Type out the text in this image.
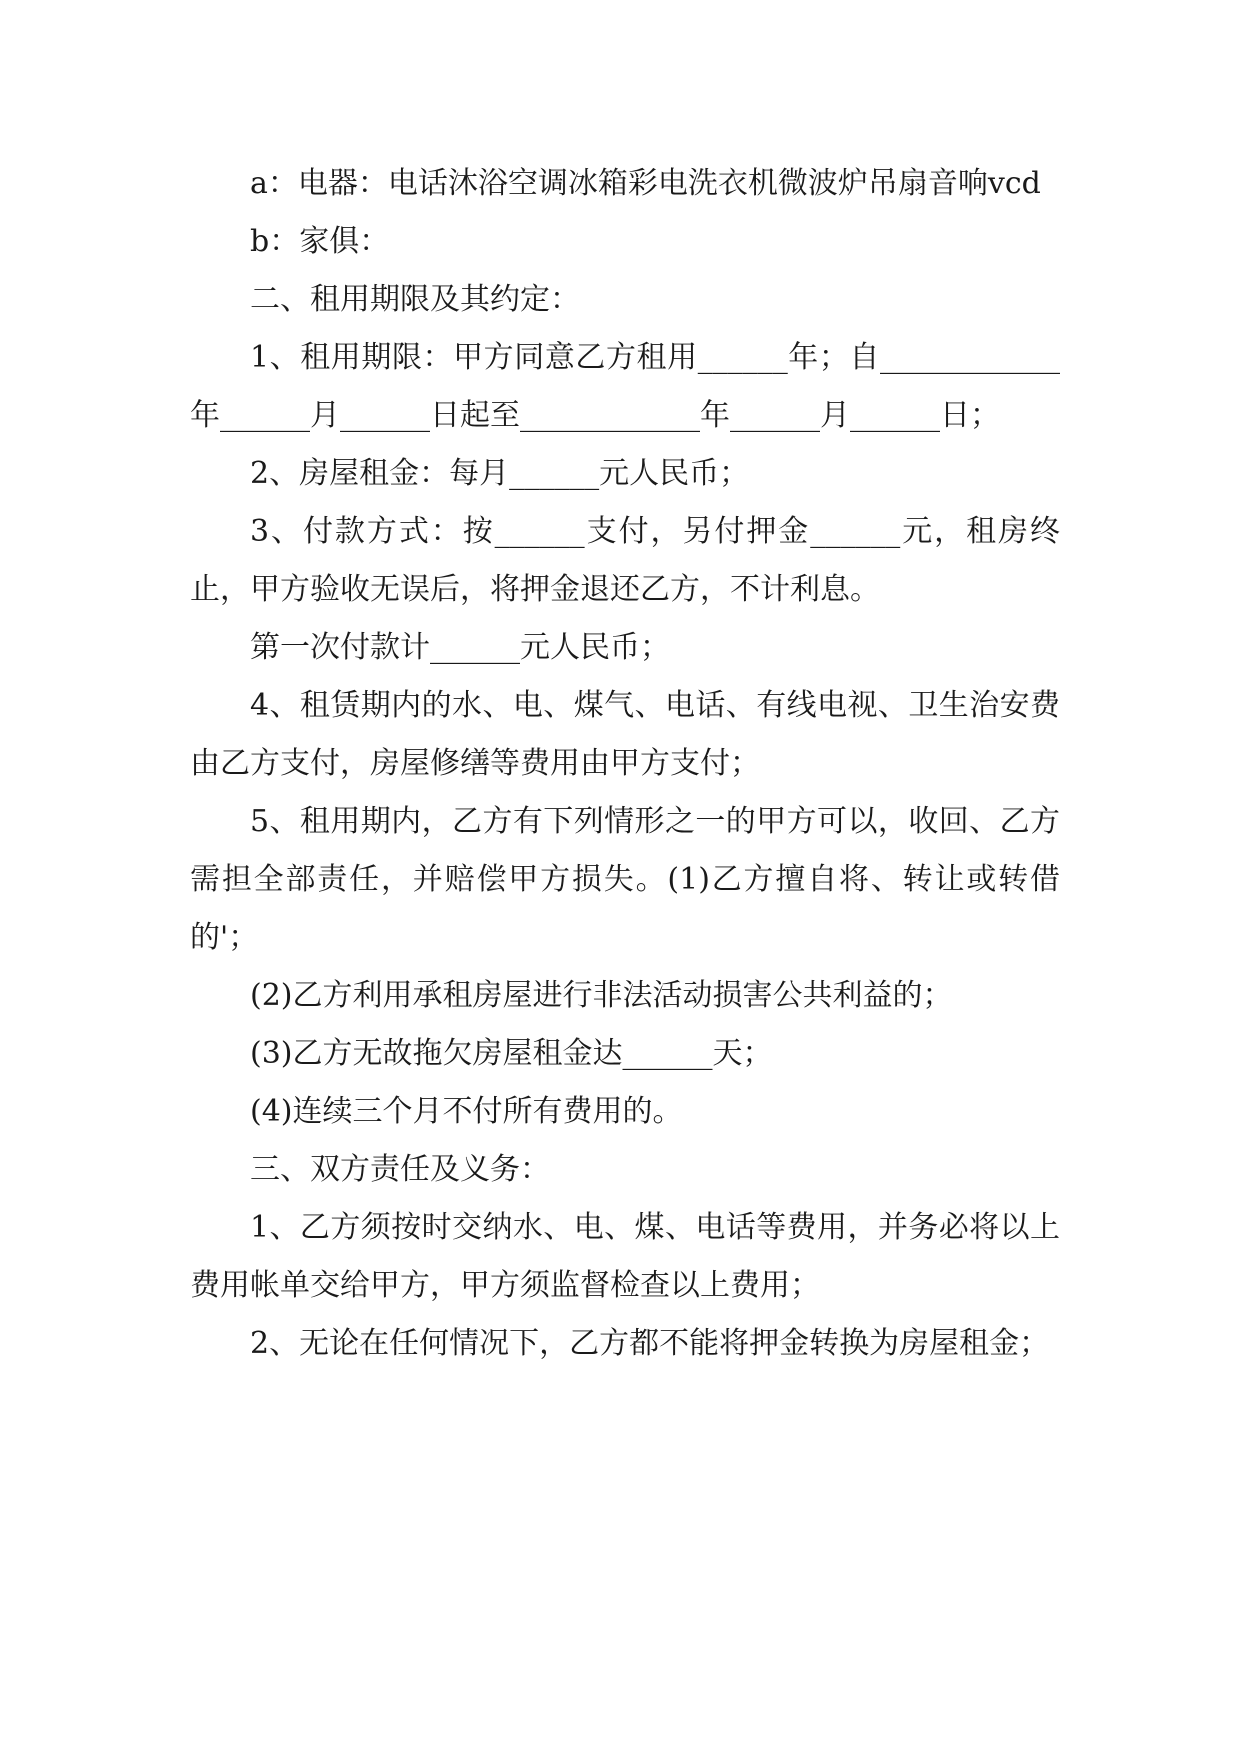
a：电器：电话沐浴空调冰箱彩电洗衣机微波炉吊扇音响vcd

b：家俱：

二、租用期限及其约定：

1、租用期限：甲方同意乙方租用______年；自____________年______月______日起至____________年______月______日；

2、房屋租金：每月______元人民币；

3、付款方式：按______支付，另付押金______元，租房终止，甲方验收无误后，将押金退还乙方，不计利息。

第一次付款计______元人民币；

4、租赁期内的水、电、煤气、电话、有线电视、卫生治安费由乙方支付，房屋修缮等费用由甲方支付；

5、租用期内，乙方有下列情形之一的甲方可以，收回、乙方需担全部责任，并赔偿甲方损失。(1)乙方擅自将、转让或转借的'；

(2)乙方利用承租房屋进行非法活动损害公共利益的；

(3)乙方无故拖欠房屋租金达______天；

(4)连续三个月不付所有费用的。

三、双方责任及义务：

1、乙方须按时交纳水、电、煤、电话等费用，并务必将以上费用帐单交给甲方，甲方须监督检查以上费用；

2、无论在任何情况下，乙方都不能将押金转换为房屋租金；
